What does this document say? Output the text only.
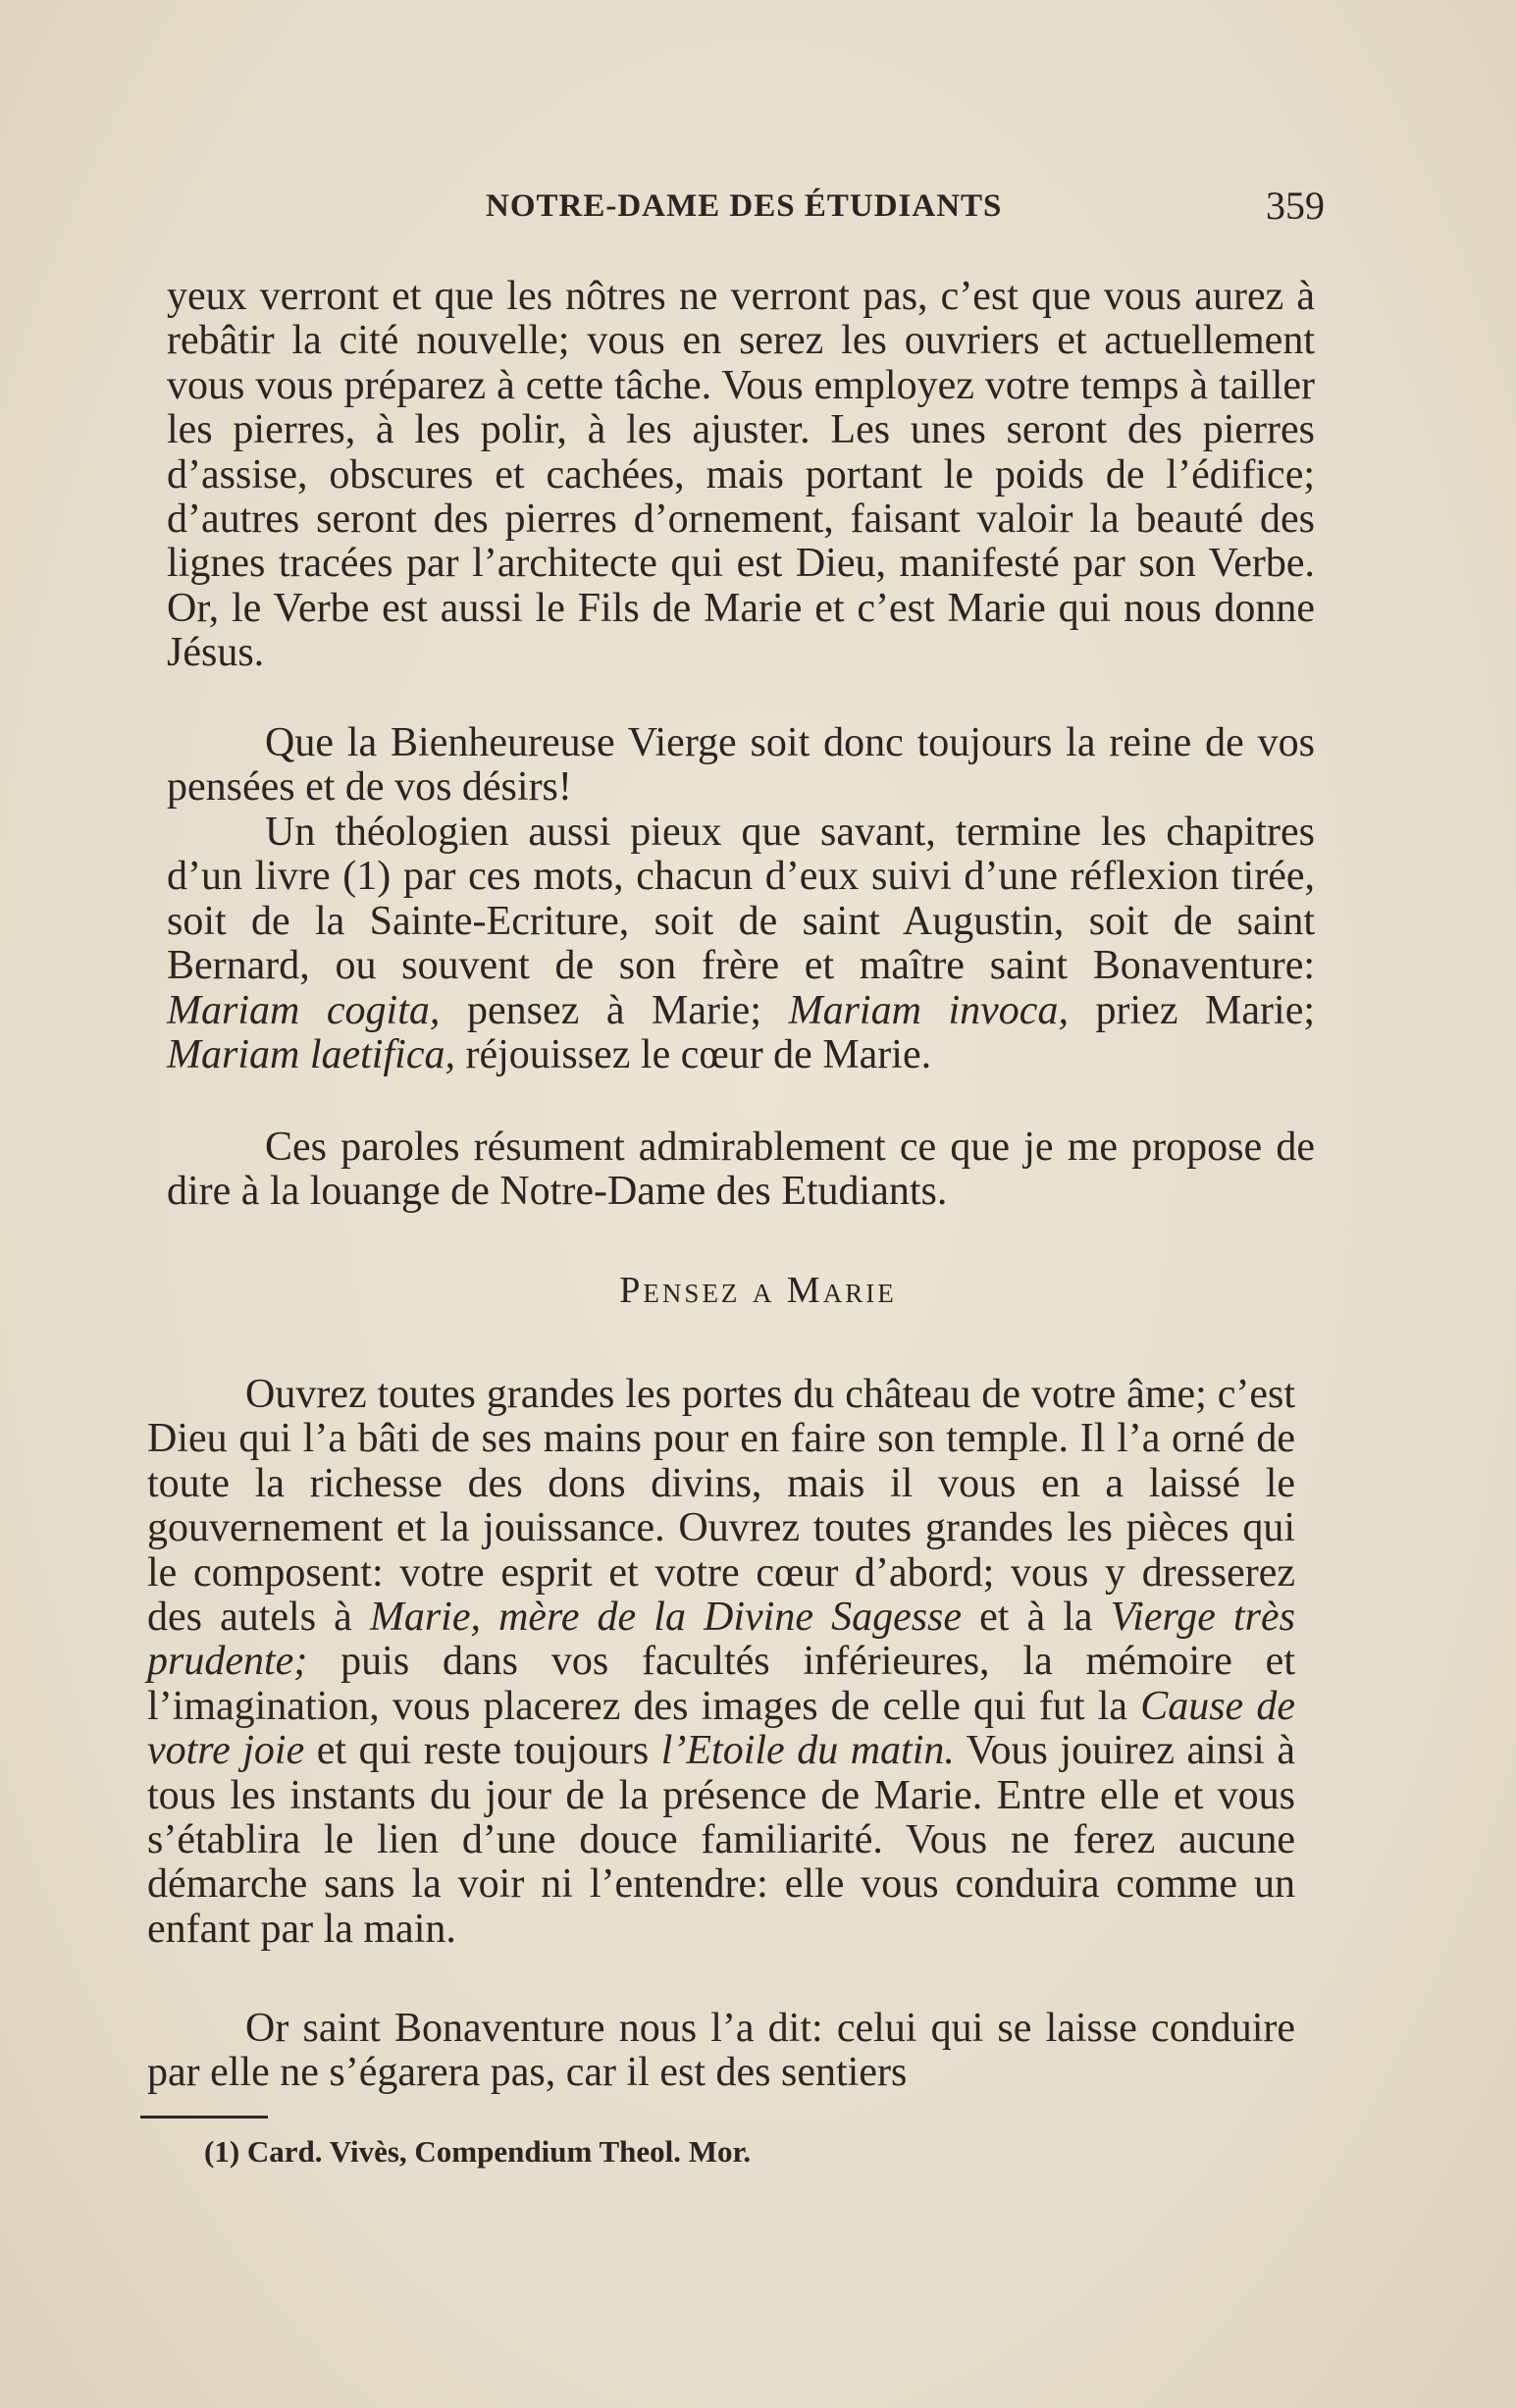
NOTRE-DAME DES ÉTUDIANTS	359

yeux verront et que les nôtres ne verront pas, c’est que vous aurez à rebâtir la cité nouvelle; vous en serez les ouvriers et actuellement vous vous préparez à cette tâche. Vous employez votre temps à tailler les pierres, à les polir, à les ajuster. Les unes seront des pierres d’assise, obscures et cachées, mais portant le poids de l’édifice; d’autres seront des pierres d’ornement, faisant valoir la beauté des lignes tracées par l’architecte qui est Dieu, manifesté par son Verbe. Or, le Verbe est aussi le Fils de Marie et c’est Marie qui nous donne Jésus.

Que la Bienheureuse Vierge soit donc toujours la reine de vos pensées et de vos désirs!

Un théologien aussi pieux que savant, termine les chapitres d’un livre (1) par ces mots, chacun d’eux suivi d’une réflexion tirée, soit de la Sainte-Ecriture, soit de saint Augustin, soit de saint Bernard, ou souvent de son frère et maître saint Bonaventure: Mariam cogita, pensez à Marie; Mariam invoca, priez Marie; Mariam laetifica, réjouissez le cœur de Marie.

Ces paroles résument admirablement ce que je me propose de dire à la louange de Notre-Dame des Etudiants.

Pensez a Marie

Ouvrez toutes grandes les portes du château de votre âme; c’est Dieu qui l’a bâti de ses mains pour en faire son temple. Il l’a orné de toute la richesse des dons divins, mais il vous en a laissé le gouvernement et la jouissance. Ouvrez toutes grandes les pièces qui le composent: votre esprit et votre cœur d’abord; vous y dresserez des autels à Marie, mère de la Divine Sagesse et à la Vierge très prudente; puis dans vos facultés inférieures, la mémoire et l’imagination, vous placerez des images de celle qui fut la Cause de votre joie et qui reste toujours l’Etoile du matin. Vous jouirez ainsi à tous les instants du jour de la présence de Marie. Entre elle et vous s’établira le lien d’une douce familiarité. Vous ne ferez aucune démarche sans la voir ni l’entendre: elle vous conduira comme un enfant par la main.

Or saint Bonaventure nous l’a dit: celui qui se laisse conduire par elle ne s’égarera pas, car il est des sentiers

(1) Card. Vivès, Compendium Theol. Mor.
